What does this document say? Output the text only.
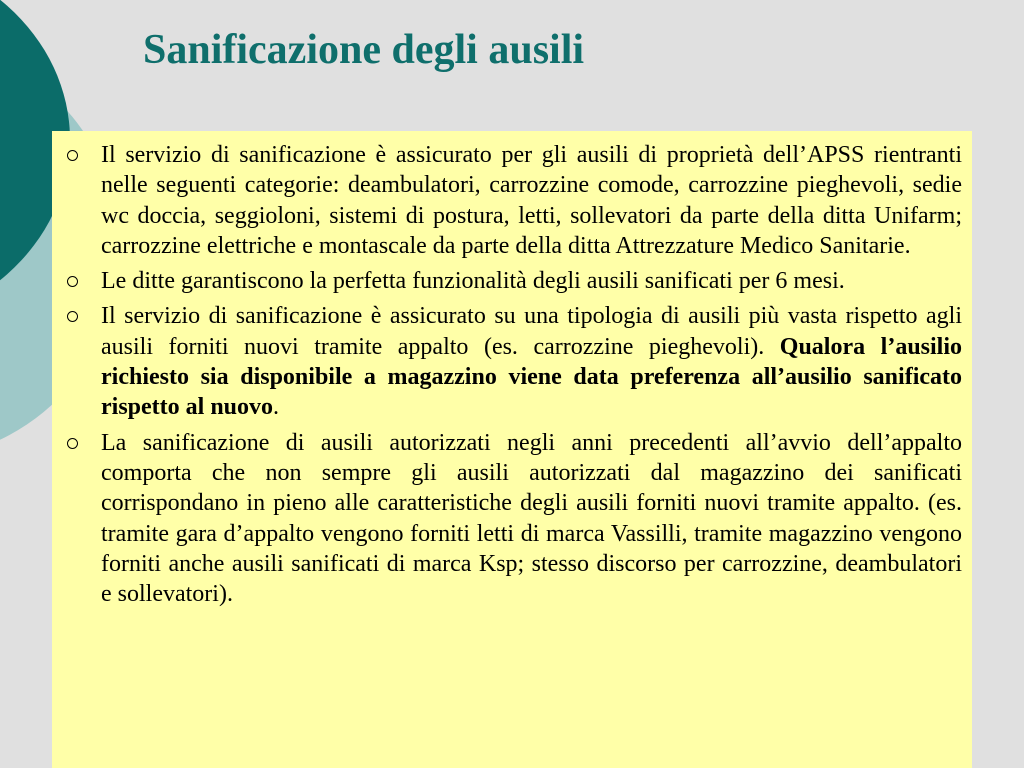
Sanificazione degli ausili
Il servizio di sanificazione è assicurato per gli ausili di proprietà dell’APSS rientranti nelle seguenti categorie: deambulatori, carrozzine comode, carrozzine pieghevoli, sedie wc doccia, seggioloni, sistemi di postura, letti, sollevatori da parte della ditta Unifarm; carrozzine elettriche e montascale da parte della ditta Attrezzature Medico Sanitarie.
Le ditte garantiscono la perfetta funzionalità degli ausili sanificati per 6 mesi.
Il servizio di sanificazione è assicurato su una tipologia di ausili più vasta rispetto agli ausili forniti nuovi tramite appalto (es. carrozzine pieghevoli). Qualora l’ausilio richiesto sia disponibile a magazzino viene data preferenza all’ausilio sanificato rispetto al nuovo.
La sanificazione di ausili autorizzati negli anni precedenti all’avvio dell’appalto comporta che non sempre gli ausili autorizzati dal magazzino dei sanificati corrispondano in pieno alle caratteristiche degli ausili forniti nuovi tramite appalto. (es. tramite gara d’appalto vengono forniti letti di marca Vassilli, tramite magazzino vengono forniti anche ausili sanificati di marca Ksp; stesso discorso per carrozzine, deambulatori e sollevatori).
